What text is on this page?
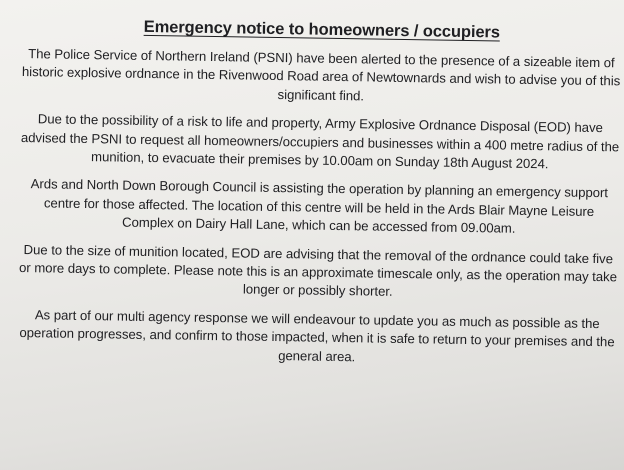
Emergency notice to homeowners / occupiers

The Police Service of Northern Ireland (PSNI) have been alerted to the presence of a sizeable item of historic explosive ordnance in the Rivenwood Road area of Newtownards and wish to advise you of this significant find.

Due to the possibility of a risk to life and property, Army Explosive Ordnance Disposal (EOD) have advised the PSNI to request all homeowners/occupiers and businesses within a 400 metre radius of the munition, to evacuate their premises by 10.00am on Sunday 18th August 2024.

Ards and North Down Borough Council is assisting the operation by planning an emergency support centre for those affected. The location of this centre will be held in the Ards Blair Mayne Leisure Complex on Dairy Hall Lane, which can be accessed from 09.00am.

Due to the size of munition located, EOD are advising that the removal of the ordnance could take five or more days to complete. Please note this is an approximate timescale only, as the operation may take longer or possibly shorter.

As part of our multi agency response we will endeavour to update you as much as possible as the operation progresses, and confirm to those impacted, when it is safe to return to your premises and the general area.
